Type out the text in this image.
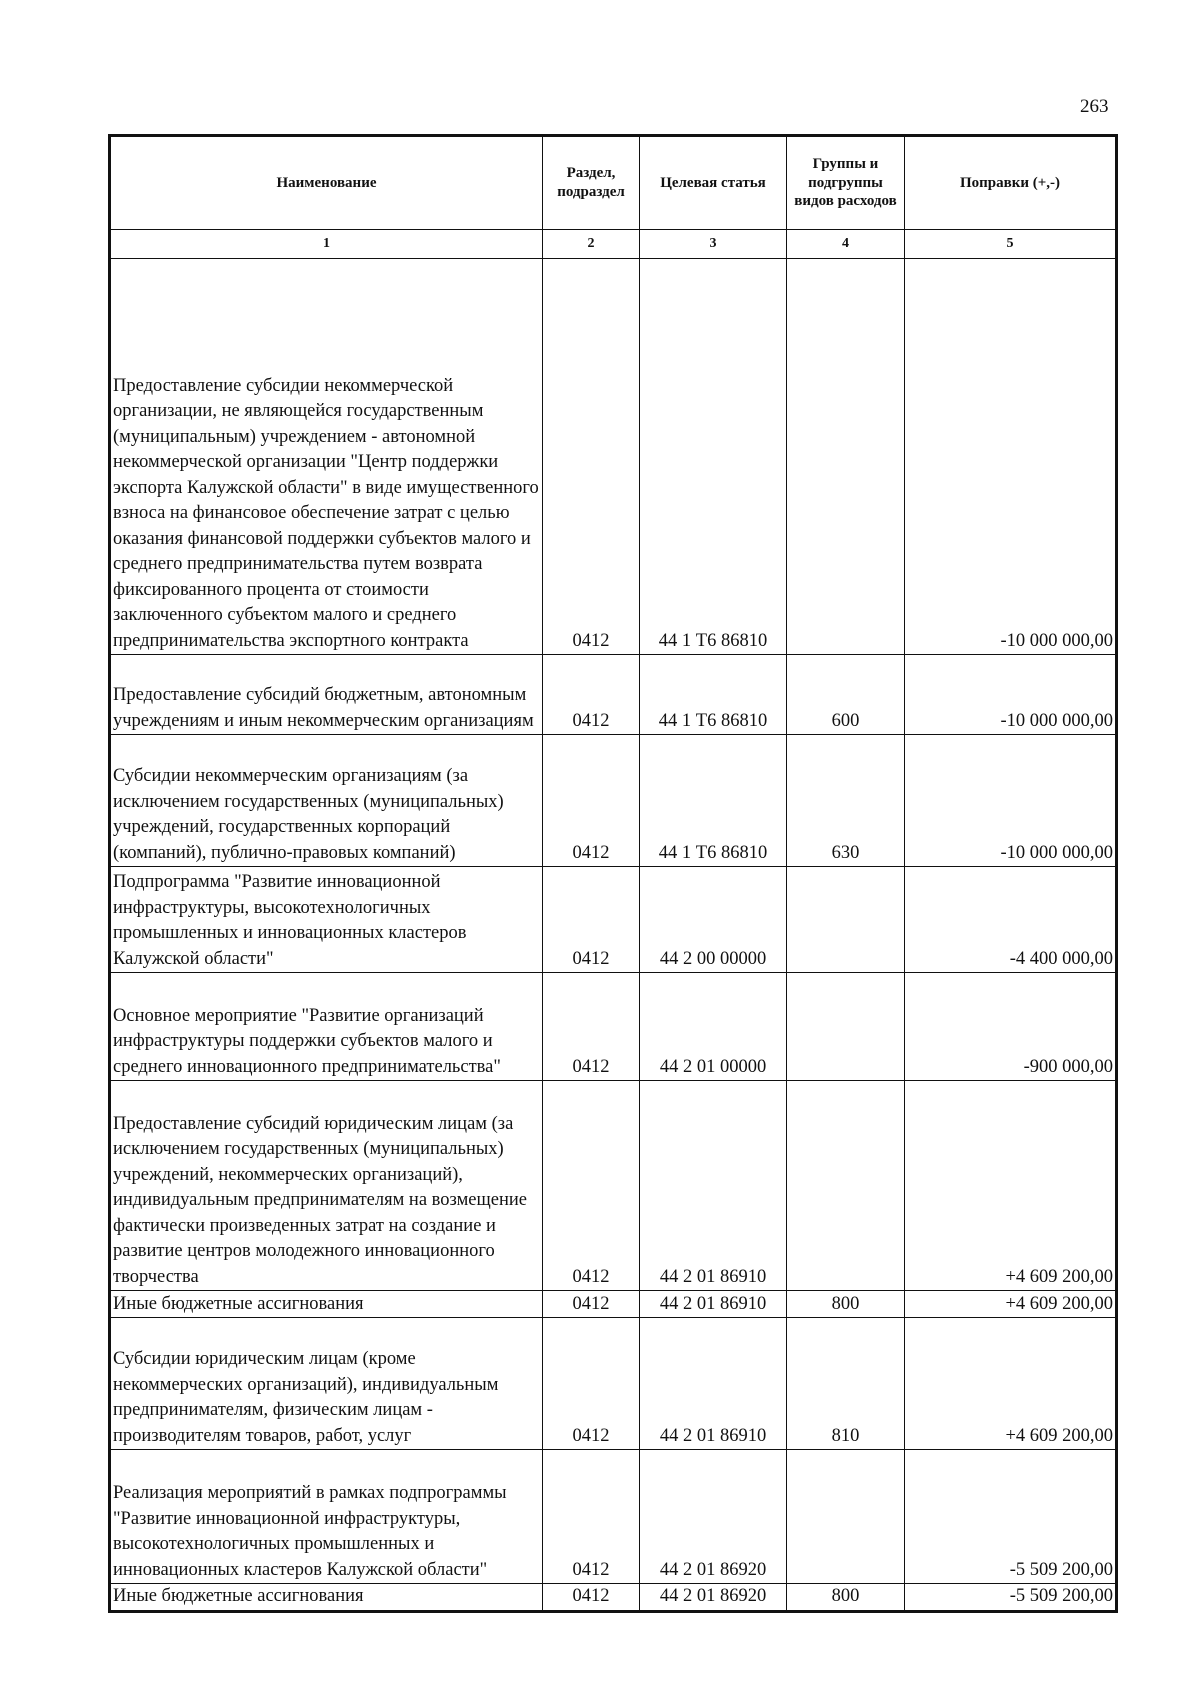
263
Наименование	Раздел, подраздел	Целевая статья	Группы и подгруппы видов расходов	Поправки (+,-)
1	2	3	4	5
Предоставление субсидии некоммерческой организации, не являющейся государственным (муниципальным) учреждением - автономной некоммерческой организации "Центр поддержки экспорта Калужской области" в виде имущественного взноса на финансовое обеспечение затрат с целью оказания финансовой поддержки субъектов малого и среднего предпринимательства путем возврата фиксированного процента от стоимости заключенного субъектом малого и среднего предпринимательства экспортного контракта	0412	44 1 Т6 86810		-10 000 000,00
Предоставление субсидий бюджетным, автономным учреждениям и иным некоммерческим организациям	0412	44 1 Т6 86810	600	-10 000 000,00
Субсидии некоммерческим организациям (за исключением государственных (муниципальных) учреждений, государственных корпораций (компаний), публично-правовых компаний)	0412	44 1 Т6 86810	630	-10 000 000,00
Подпрограмма "Развитие инновационной инфраструктуры, высокотехнологичных промышленных и инновационных кластеров Калужской области"	0412	44 2 00 00000		-4 400 000,00
Основное мероприятие "Развитие организаций инфраструктуры поддержки субъектов малого и среднего инновационного предпринимательства"	0412	44 2 01 00000		-900 000,00
Предоставление субсидий юридическим лицам (за исключением государственных (муниципальных) учреждений, некоммерческих организаций), индивидуальным предпринимателям на возмещение фактически произведенных затрат на создание и развитие центров молодежного инновационного творчества	0412	44 2 01 86910		+4 609 200,00
Иные бюджетные ассигнования	0412	44 2 01 86910	800	+4 609 200,00
Субсидии юридическим лицам (кроме некоммерческих организаций), индивидуальным предпринимателям, физическим лицам - производителям товаров, работ, услуг	0412	44 2 01 86910	810	+4 609 200,00
Реализация мероприятий в рамках подпрограммы "Развитие инновационной инфраструктуры, высокотехнологичных промышленных и инновационных кластеров Калужской области"	0412	44 2 01 86920		-5 509 200,00
Иные бюджетные ассигнования	0412	44 2 01 86920	800	-5 509 200,00
